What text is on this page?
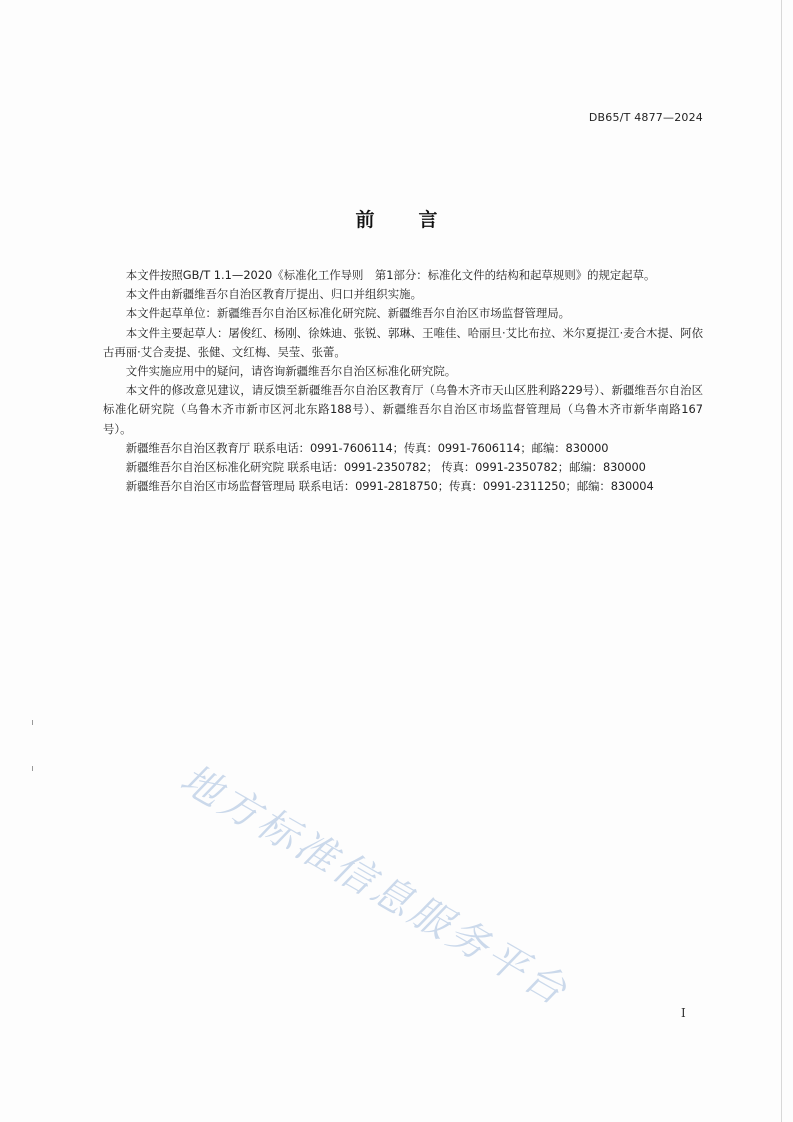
DB65/T 4877—2024
前言

本文件按照GB/T 1.1—2020《标准化工作导则　第1部分：标准化文件的结构和起草规则》的规定起草。

本文件由新疆维吾尔自治区教育厅提出、归口并组织实施。

本文件起草单位：新疆维吾尔自治区标准化研究院、新疆维吾尔自治区市场监督管理局。

本文件主要起草人：屠俊红、杨刚、徐姝迪、张锐、郭琳、王唯佳、哈丽旦·艾比布拉、米尔夏提江·麦合木提、阿依古再丽·艾合麦提、张健、文红梅、吴莹、张蕾。

文件实施应用中的疑问，请咨询新疆维吾尔自治区标准化研究院。

本文件的修改意见建议，请反馈至新疆维吾尔自治区教育厅（乌鲁木齐市天山区胜利路229号）、新疆维吾尔自治区标准化研究院（乌鲁木齐市新市区河北东路188号）、新疆维吾尔自治区市场监督管理局（乌鲁木齐市新华南路167号）。

新疆维吾尔自治区教育厅 联系电话：0991-7606114；传真：0991-7606114；邮编：830000

新疆维吾尔自治区标准化研究院 联系电话：0991-2350782； 传真：0991-2350782；邮编：830000

新疆维吾尔自治区市场监督管理局 联系电话：0991-2818750；传真：0991-2311250；邮编：830004

地方标准信息服务平台	I
